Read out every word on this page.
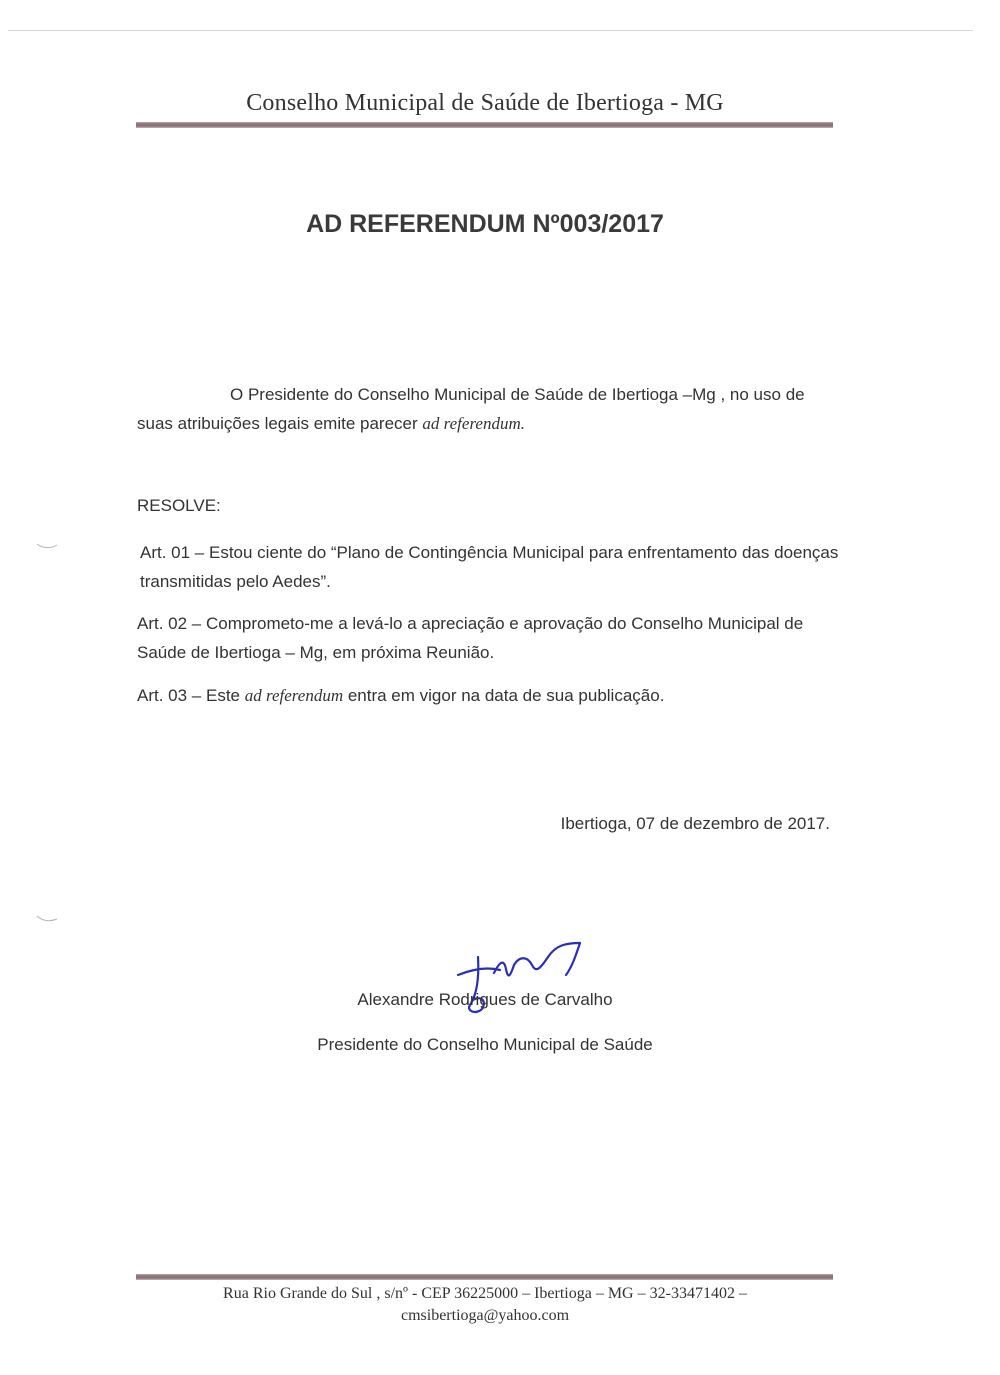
Conselho Municipal de Saúde de Ibertioga - MG
AD REFERENDUM Nº003/2017
O Presidente do Conselho Municipal de Saúde de Ibertioga –Mg , no uso de suas atribuições legais emite parecer ad referendum.
RESOLVE:
Art. 01 – Estou ciente do “Plano de Contingência Municipal para enfrentamento das doenças transmitidas pelo Aedes”.
Art. 02 – Comprometo-me a levá-lo a apreciação e aprovação do Conselho Municipal de Saúde de Ibertioga – Mg, em próxima Reunião.
Art. 03 – Este ad referendum entra em vigor na data de sua publicação.
Ibertioga, 07 de dezembro de 2017.
Alexandre Rodrigues de Carvalho
Presidente do Conselho Municipal de Saúde
Rua Rio Grande do Sul , s/nº - CEP 36225000 – Ibertioga – MG – 32-33471402 –
cmsibertioga@yahoo.com
